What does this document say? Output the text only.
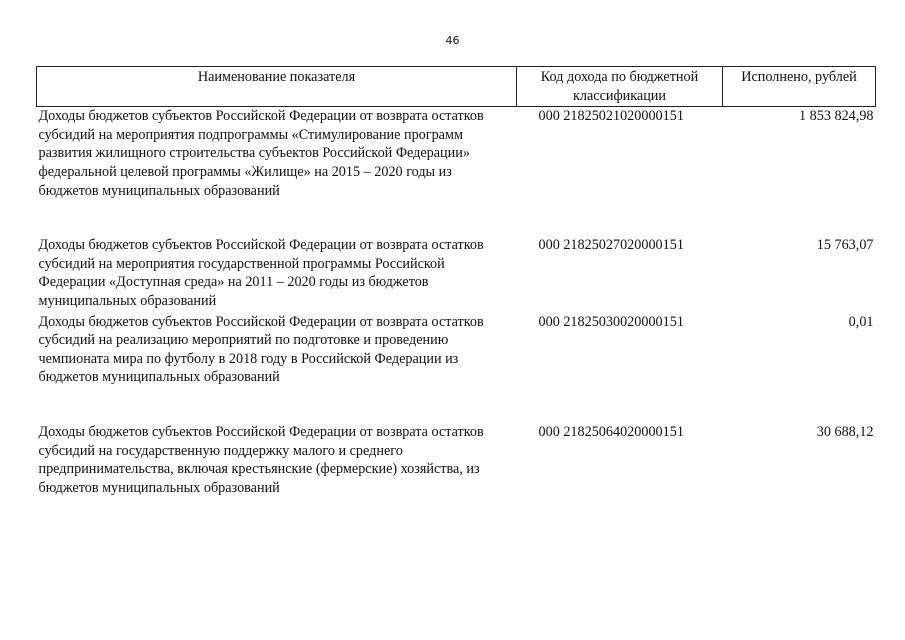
46
Наименование показателя	Код дохода по бюджетной классификации	Исполнено, рублей
Доходы бюджетов субъектов Российской Федерации от возврата остатков субсидий на мероприятия подпрограммы «Стимулирование программ развития жилищного строительства субъектов Российской Федерации» федеральной целевой программы «Жилище» на 2015 – 2020 годы из бюджетов муниципальных образований	000 21825021020000151	1 853 824,98
Доходы бюджетов субъектов Российской Федерации от возврата остатков субсидий на мероприятия государственной программы Российской Федерации «Доступная среда» на 2011 – 2020 годы из бюджетов муниципальных образований	000 21825027020000151	15 763,07
Доходы бюджетов субъектов Российской Федерации от возврата остатков субсидий на реализацию мероприятий по подготовке и проведению чемпионата мира по футболу в 2018 году в Российской Федерации из бюджетов муниципальных образований	000 21825030020000151	0,01
Доходы бюджетов субъектов Российской Федерации от возврата остатков субсидий на государственную поддержку малого и среднего предпринимательства, включая крестьянские (фермерские) хозяйства, из бюджетов муниципальных образований	000 21825064020000151	30 688,12
